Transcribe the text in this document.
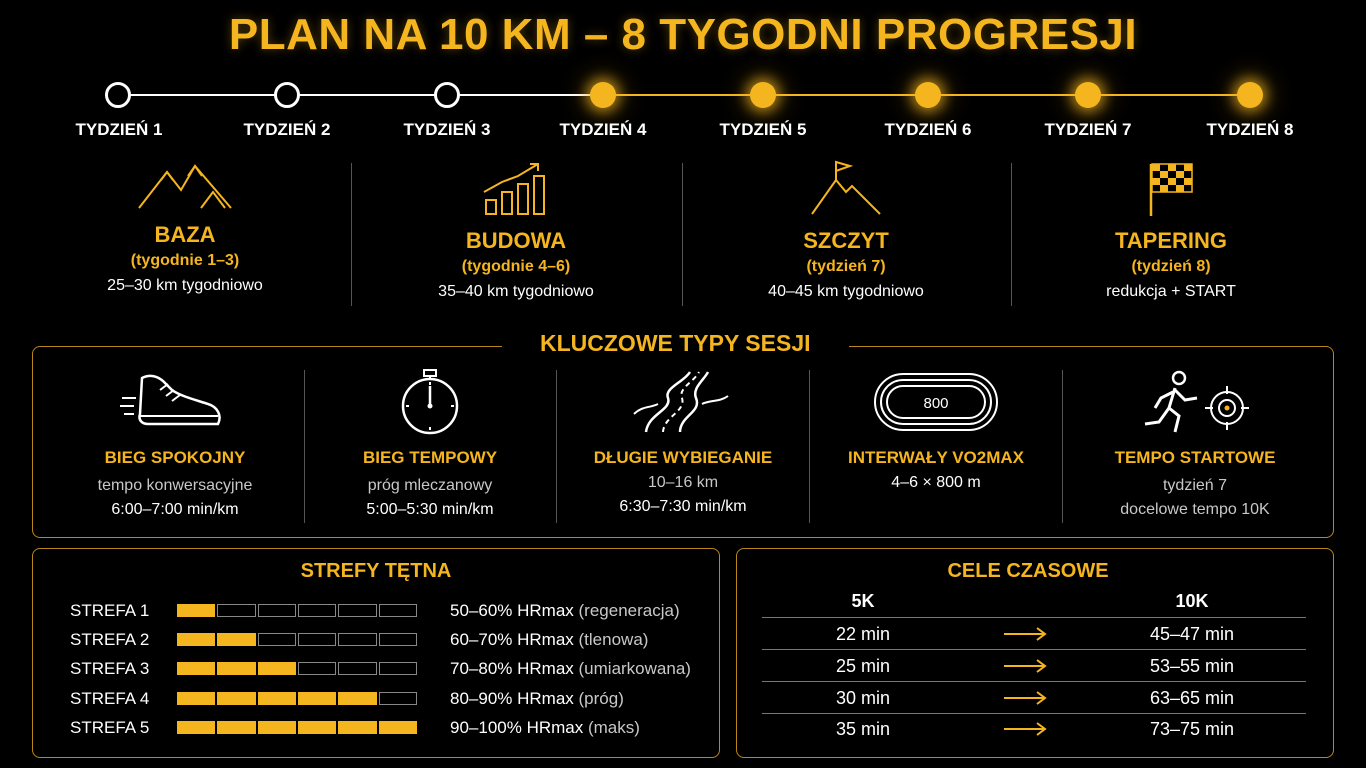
PLAN NA 10 KM – 8 TYGODNI PROGRESJI
TYDZIEŃ 1	TYDZIEŃ 2	TYDZIEŃ 3	TYDZIEŃ 4	TYDZIEŃ 5	TYDZIEŃ 6	TYDZIEŃ 7	TYDZIEŃ 8
BAZA
(tygodnie 1–3)
25–30 km tygodniowo
BUDOWA
(tygodnie 4–6)
35–40 km tygodniowo
SZCZYT
(tydzień 7)
40–45 km tygodniowo
TAPERING
(tydzień 8)
redukcja + START
KLUCZOWE TYPY SESJI
BIEG SPOKOJNY
tempo konwersacyjne
6:00–7:00 min/km
BIEG TEMPOWY
próg mleczanowy
5:00–5:30 min/km
DŁUGIE WYBIEGANIE
10–16 km
6:30–7:30 min/km
800
INTERWAŁY VO2MAX
4–6 × 800 m
TEMPO STARTOWE
tydzień 7
docelowe tempo 10K
STREFY TĘTNA
STREFA 1	50–60% HRmax (regeneracja)
STREFA 2	60–70% HRmax (tlenowa)
STREFA 3	70–80% HRmax (umiarkowana)
STREFA 4	80–90% HRmax (próg)
STREFA 5	90–100% HRmax (maks)
CELE CZASOWE
5K	10K
22 min	45–47 min
25 min	53–55 min
30 min	63–65 min
35 min	73–75 min
